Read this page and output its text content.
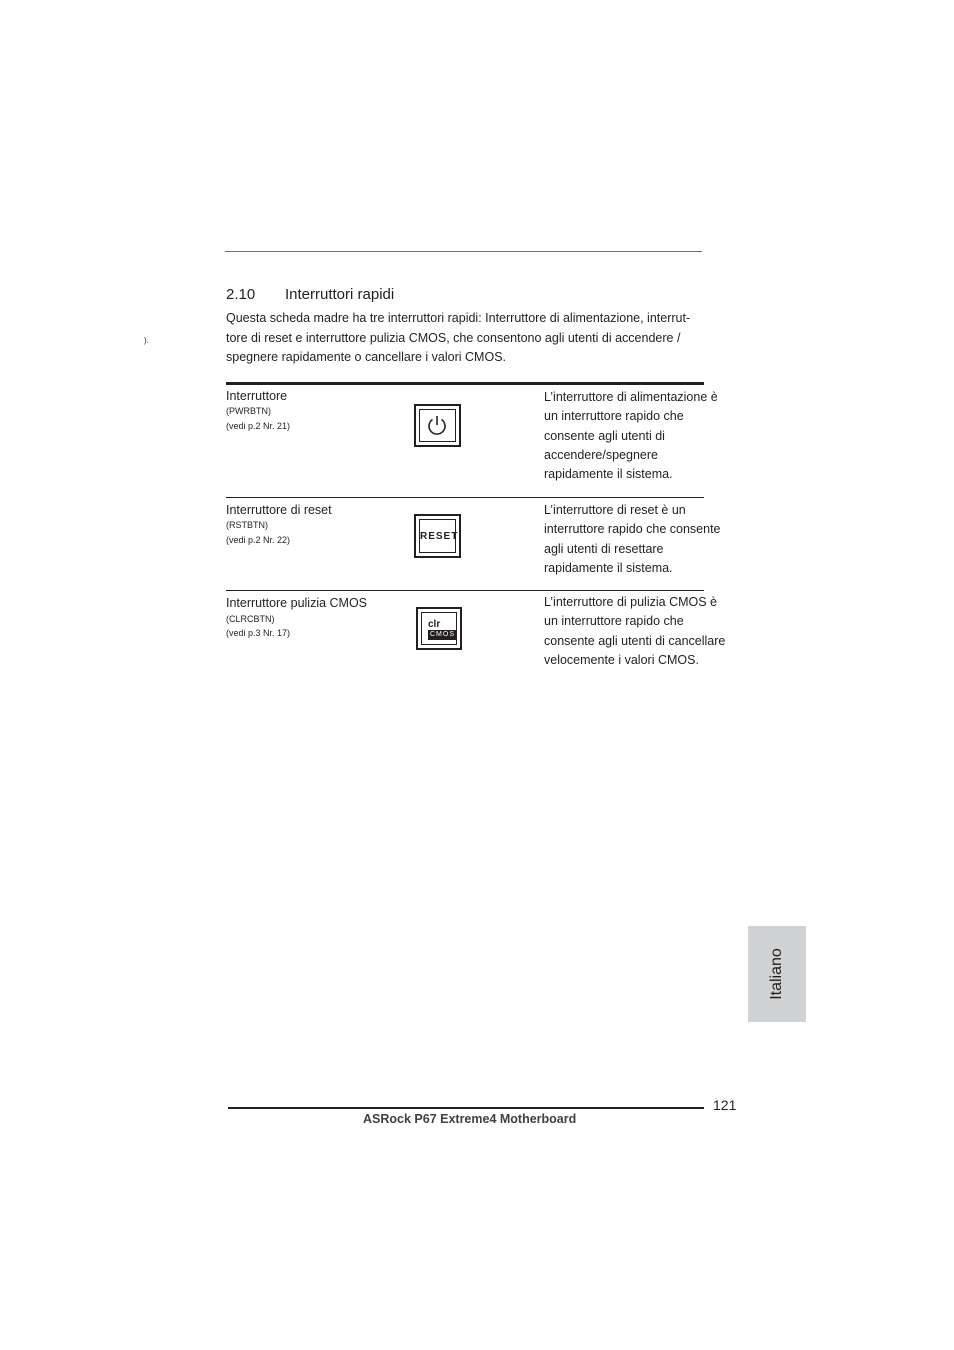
2.10 Interruttori rapidi
Questa scheda madre ha tre interruttori rapidi: Interruttore di alimentazione, interrut-
tore di reset e interruttore pulizia CMOS, che consentono agli utenti di accendere /
spegnere rapidamente o cancellare i valori CMOS.
).
Interruttore
(PWRBTN)
(vedi p.2 Nr. 21)
L’interruttore di alimentazione è
un interruttore rapido che
consente agli utenti di
accendere/spegnere
rapidamente il sistema.
Interruttore di reset
(RSTBTN)
(vedi p.2 Nr. 22)	RESET
L’interruttore di reset è un
interruttore rapido che consente
agli utenti di resettare
rapidamente il sistema.
Interruttore pulizia CMOS
(CLRCBTN)
(vedi p.3 Nr. 17)
clr
CMOS
L’interruttore di pulizia CMOS è
un interruttore rapido che
consente agli utenti di cancellare
velocemente i valori CMOS.
Italiano
121
ASRock P67 Extreme4 Motherboard
